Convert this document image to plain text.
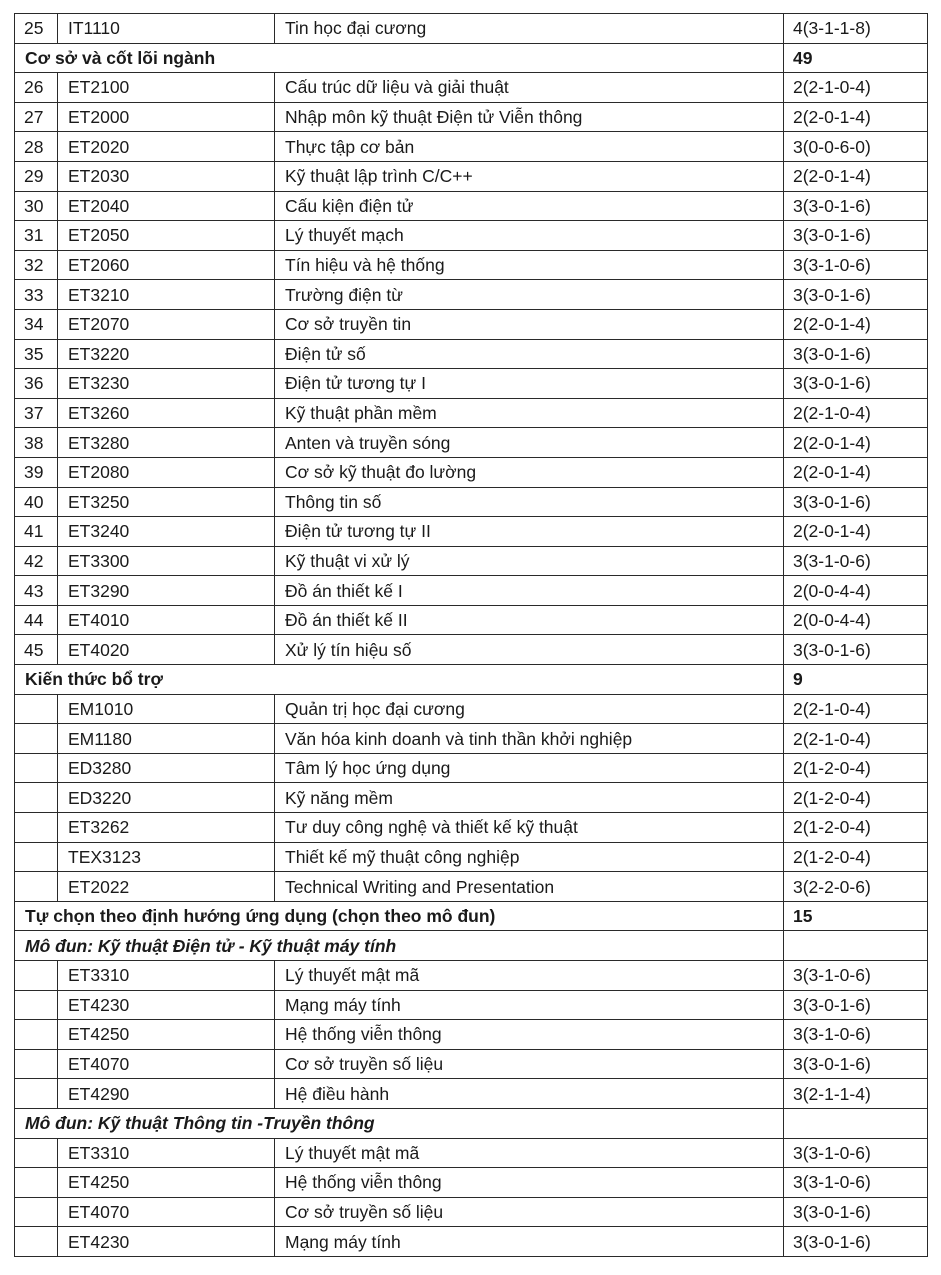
25	IT1110	Tin học đại cương	4(3-1-1-8)
Cơ sở và cốt lõi ngành			49
26	ET2100	Cấu trúc dữ liệu và giải thuật	2(2-1-0-4)
27	ET2000	Nhập môn kỹ thuật Điện tử Viễn thông	2(2-0-1-4)
28	ET2020	Thực tập cơ bản	3(0-0-6-0)
29	ET2030	Kỹ thuật lập trình C/C++	2(2-0-1-4)
30	ET2040	Cấu kiện điện tử	3(3-0-1-6)
31	ET2050	Lý thuyết mạch	3(3-0-1-6)
32	ET2060	Tín hiệu và hệ thống	3(3-1-0-6)
33	ET3210	Trường điện từ	3(3-0-1-6)
34	ET2070	Cơ sở truyền tin	2(2-0-1-4)
35	ET3220	Điện tử số	3(3-0-1-6)
36	ET3230	Điện tử tương tự I	3(3-0-1-6)
37	ET3260	Kỹ thuật phần mềm	2(2-1-0-4)
38	ET3280	Anten và truyền sóng	2(2-0-1-4)
39	ET2080	Cơ sở kỹ thuật đo lường	2(2-0-1-4)
40	ET3250	Thông tin số	3(3-0-1-6)
41	ET3240	Điện tử tương tự II	2(2-0-1-4)
42	ET3300	Kỹ thuật vi xử lý	3(3-1-0-6)
43	ET3290	Đồ án thiết kế I	2(0-0-4-4)
44	ET4010	Đồ án thiết kế II	2(0-0-4-4)
45	ET4020	Xử lý tín hiệu số	3(3-0-1-6)
Kiến thức bổ trợ			9
	EM1010	Quản trị học đại cương	2(2-1-0-4)
	EM1180	Văn hóa kinh doanh và tinh thần khởi nghiệp	2(2-1-0-4)
	ED3280	Tâm lý học ứng dụng	2(1-2-0-4)
	ED3220	Kỹ năng mềm	2(1-2-0-4)
	ET3262	Tư duy công nghệ và thiết kế kỹ thuật	2(1-2-0-4)
	TEX3123	Thiết kế mỹ thuật công nghiệp	2(1-2-0-4)
	ET2022	Technical Writing and Presentation	3(2-2-0-6)
Tự chọn theo định hướng ứng dụng (chọn theo mô đun)			15
Mô đun: Kỹ thuật Điện tử - Kỹ thuật máy tính			
	ET3310	Lý thuyết mật mã	3(3-1-0-6)
	ET4230	Mạng máy tính	3(3-0-1-6)
	ET4250	Hệ thống viễn thông	3(3-1-0-6)
	ET4070	Cơ sở truyền số liệu	3(3-0-1-6)
	ET4290	Hệ điều hành	3(2-1-1-4)
Mô đun: Kỹ thuật Thông tin -Truyền thông			
	ET3310	Lý thuyết mật mã	3(3-1-0-6)
	ET4250	Hệ thống viễn thông	3(3-1-0-6)
	ET4070	Cơ sở truyền số liệu	3(3-0-1-6)
	ET4230	Mạng máy tính	3(3-0-1-6)
